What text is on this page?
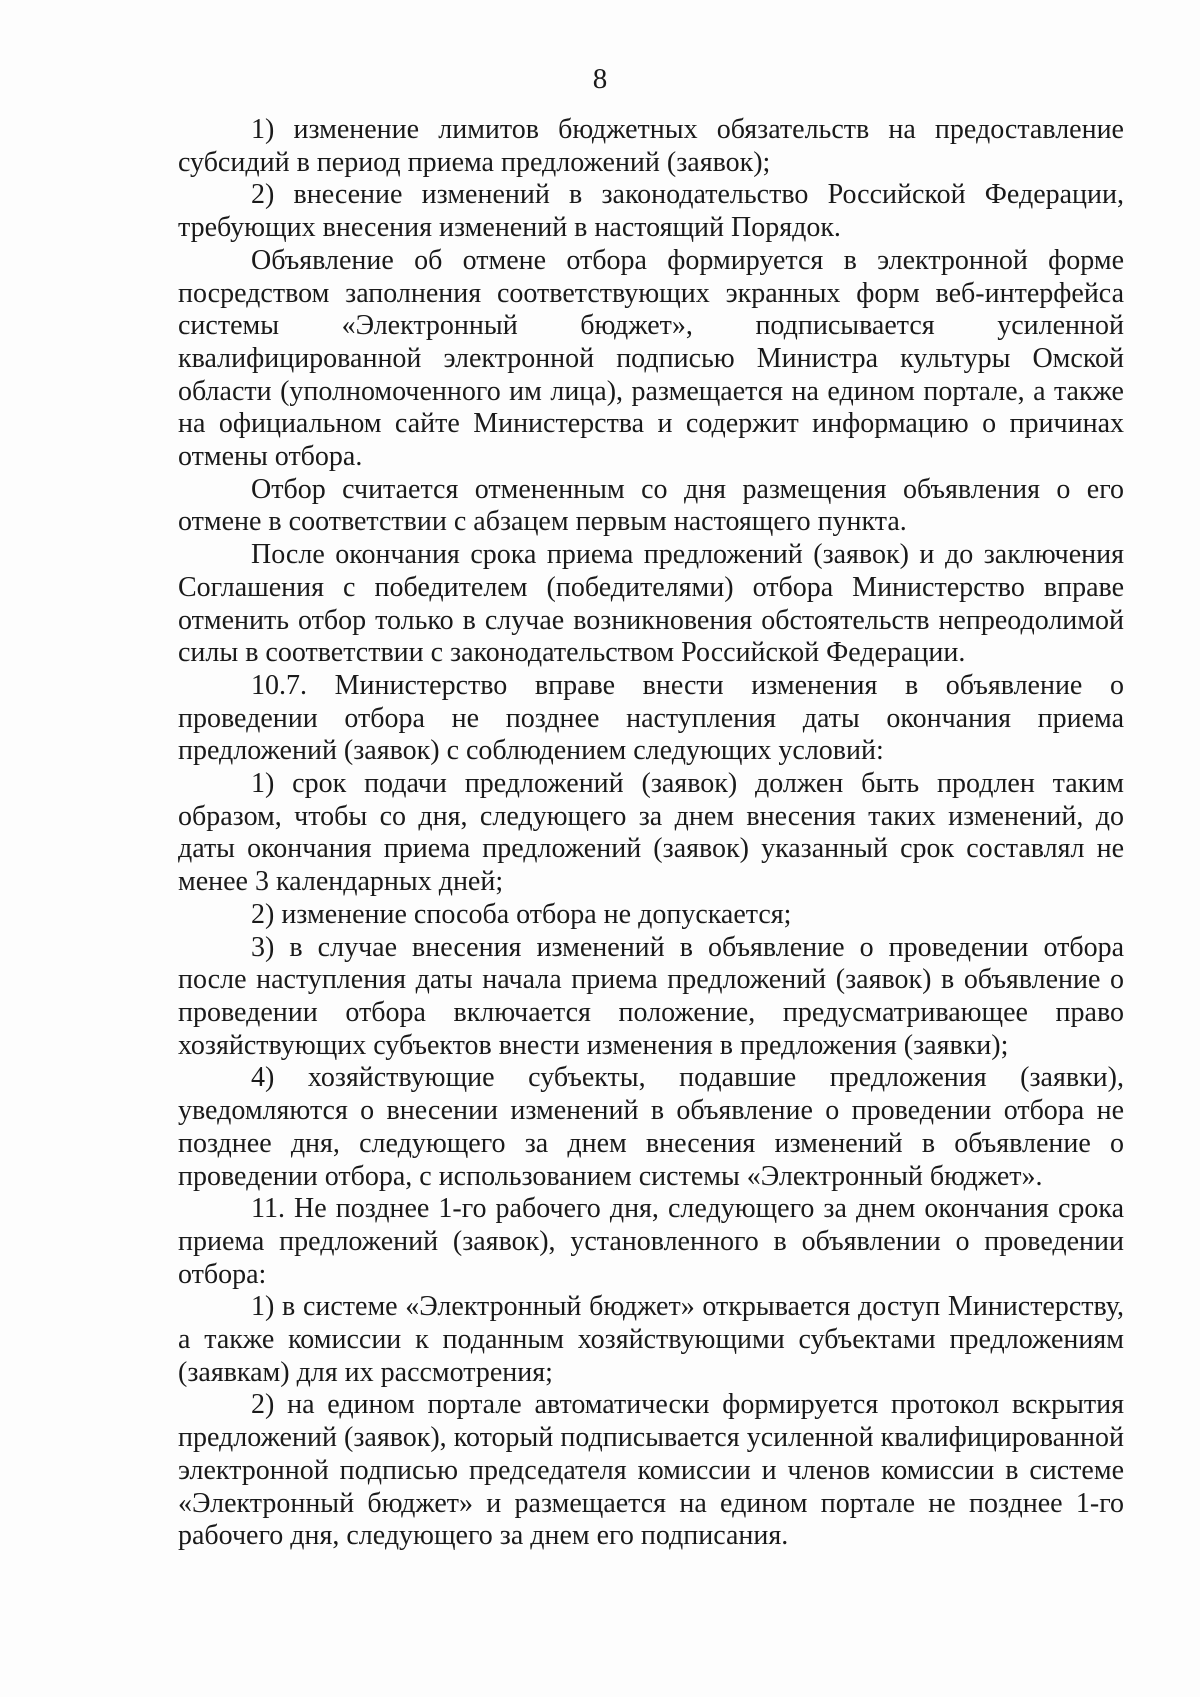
8

1) изменение лимитов бюджетных обязательств на предоставление субсидий в период приема предложений (заявок);

2) внесение изменений в законодательство Российской Федерации, требующих внесения изменений в настоящий Порядок.

Объявление об отмене отбора формируется в электронной форме посредством заполнения соответствующих экранных форм веб-интерфейса системы «Электронный бюджет», подписывается усиленной квалифицированной электронной подписью Министра культуры Омской области (уполномоченного им лица), размещается на едином портале, а также на официальном сайте Министерства и содержит информацию о причинах отмены отбора.

Отбор считается отмененным со дня размещения объявления о его отмене в соответствии с абзацем первым настоящего пункта.

После окончания срока приема предложений (заявок) и до заключения Соглашения с победителем (победителями) отбора Министерство вправе отменить отбор только в случае возникновения обстоятельств непреодолимой силы в соответствии с законодательством Российской Федерации.

10.7. Министерство вправе внести изменения в объявление о проведении отбора не позднее наступления даты окончания приема предложений (заявок) с соблюдением следующих условий:

1) срок подачи предложений (заявок) должен быть продлен таким образом, чтобы со дня, следующего за днем внесения таких изменений, до даты окончания приема предложений (заявок) указанный срок составлял не менее 3 календарных дней;

2) изменение способа отбора не допускается;

3) в случае внесения изменений в объявление о проведении отбора после наступления даты начала приема предложений (заявок) в объявление о проведении отбора включается положение, предусматривающее право хозяйствующих субъектов внести изменения в предложения (заявки);

4) хозяйствующие субъекты, подавшие предложения (заявки), уведомляются о внесении изменений в объявление о проведении отбора не позднее дня, следующего за днем внесения изменений в объявление о проведении отбора, с использованием системы «Электронный бюджет».

11. Не позднее 1-го рабочего дня, следующего за днем окончания срока приема предложений (заявок), установленного в объявлении о проведении отбора:

1) в системе «Электронный бюджет» открывается доступ Министерству, а также комиссии к поданным хозяйствующими субъектами предложениям (заявкам) для их рассмотрения;

2) на едином портале автоматически формируется протокол вскрытия предложений (заявок), который подписывается усиленной квалифицированной электронной подписью председателя комиссии и членов комиссии в системе «Электронный бюджет» и размещается на едином портале не позднее 1-го рабочего дня, следующего за днем его подписания.
